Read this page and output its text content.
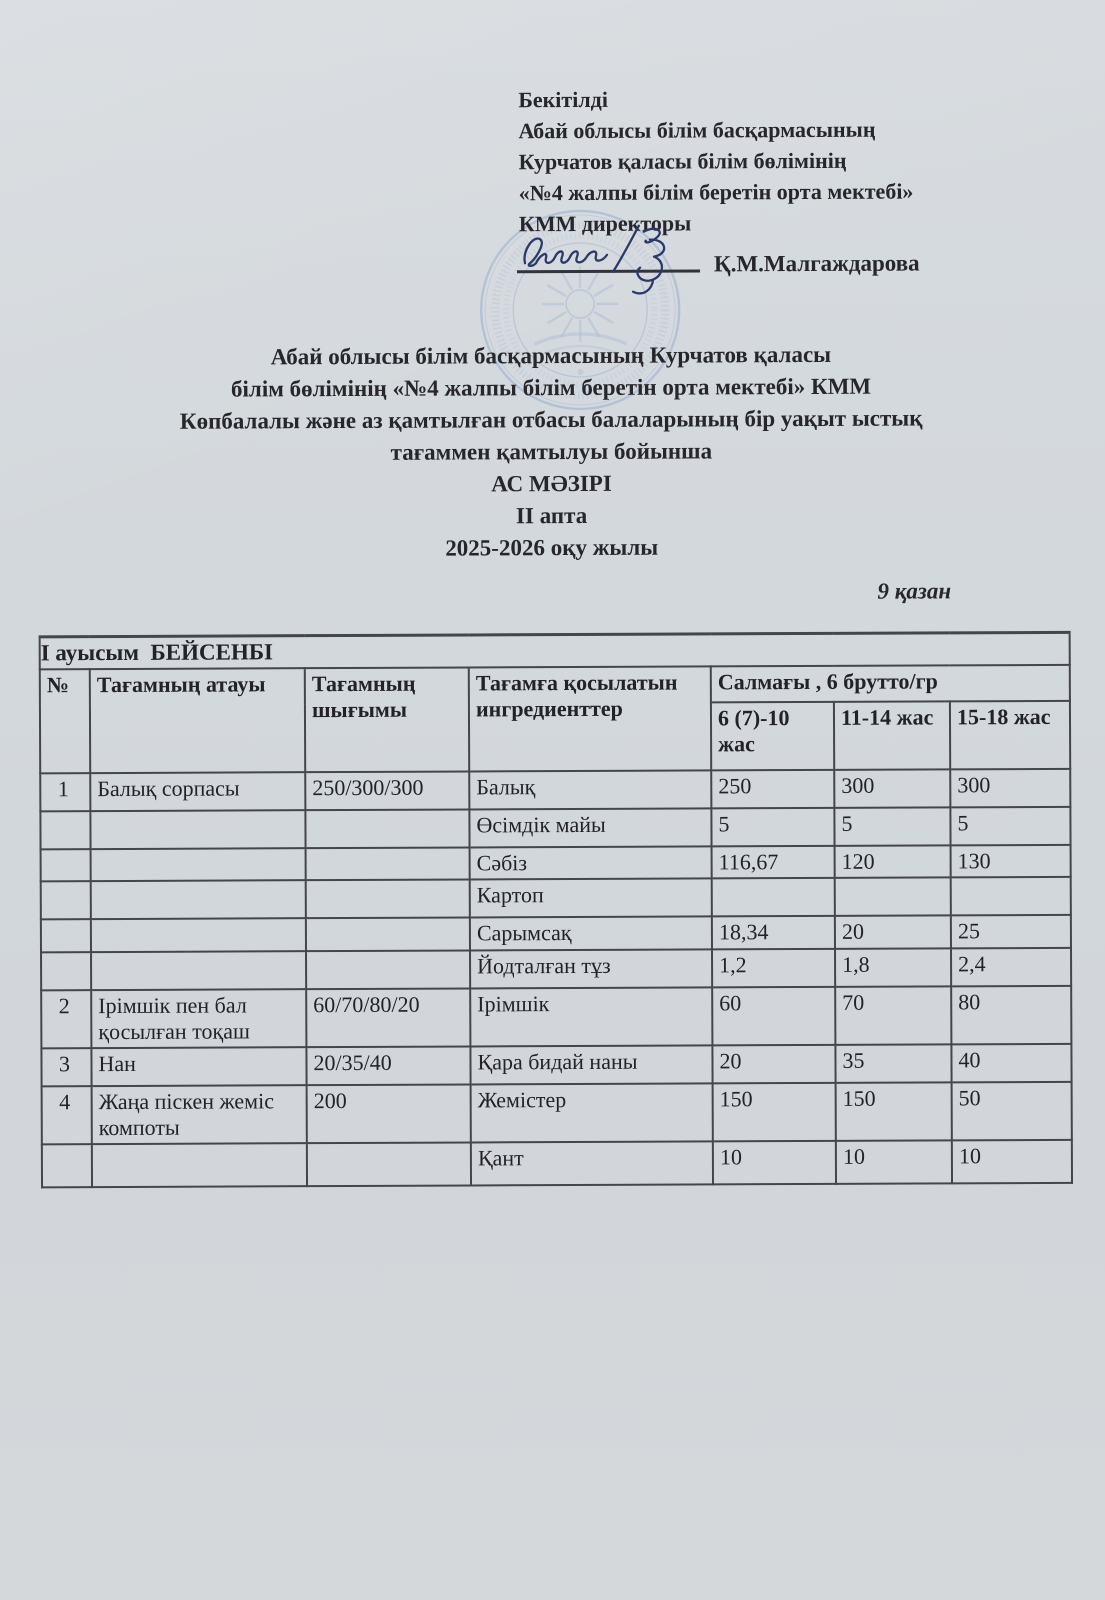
Бекітілді
Абай облысы білім басқармасының
Курчатов қаласы білім бөлімінің
«№4 жалпы білім беретін орта мектебі»
КММ директоры
Қ.М.Малгаждарова
Абай облысы білім басқармасының Курчатов қаласы
білім бөлімінің «№4 жалпы білім беретін орта мектебі» КММ
Көпбалалы және аз қамтылған отбасы балаларының бір уақыт ыстық
тағаммен қамтылуы бойынша
АС МӘЗІРІ
ІІ апта
2025-2026 оқу жылы
9 қазан
І ауысым  БЕЙСЕНБІ						
№	Тағамның атауы	Тағамның шығымы	Тағамға қосылатын ингредиенттер	Салмағы , 6 брутто/гр		
				6 (7)-10 жас	11-14 жас	15-18 жас
1	Балық сорпасы	250/300/300	Балық	250	300	300
			Өсімдік майы	5	5	5
			Сәбіз	116,67	120	130
			Картоп			
			Сарымсақ	18,34	20	25
			Йодталған тұз	1,2	1,8	2,4
2	Ірімшік пен бал қосылған тоқаш	60/70/80/20	Ірімшік	60	70	80
3	Нан	20/35/40	Қара бидай наны	20	35	40
4	Жаңа піскен жеміс компоты	200	Жемістер	150	150	50
			Қант	10	10	10
